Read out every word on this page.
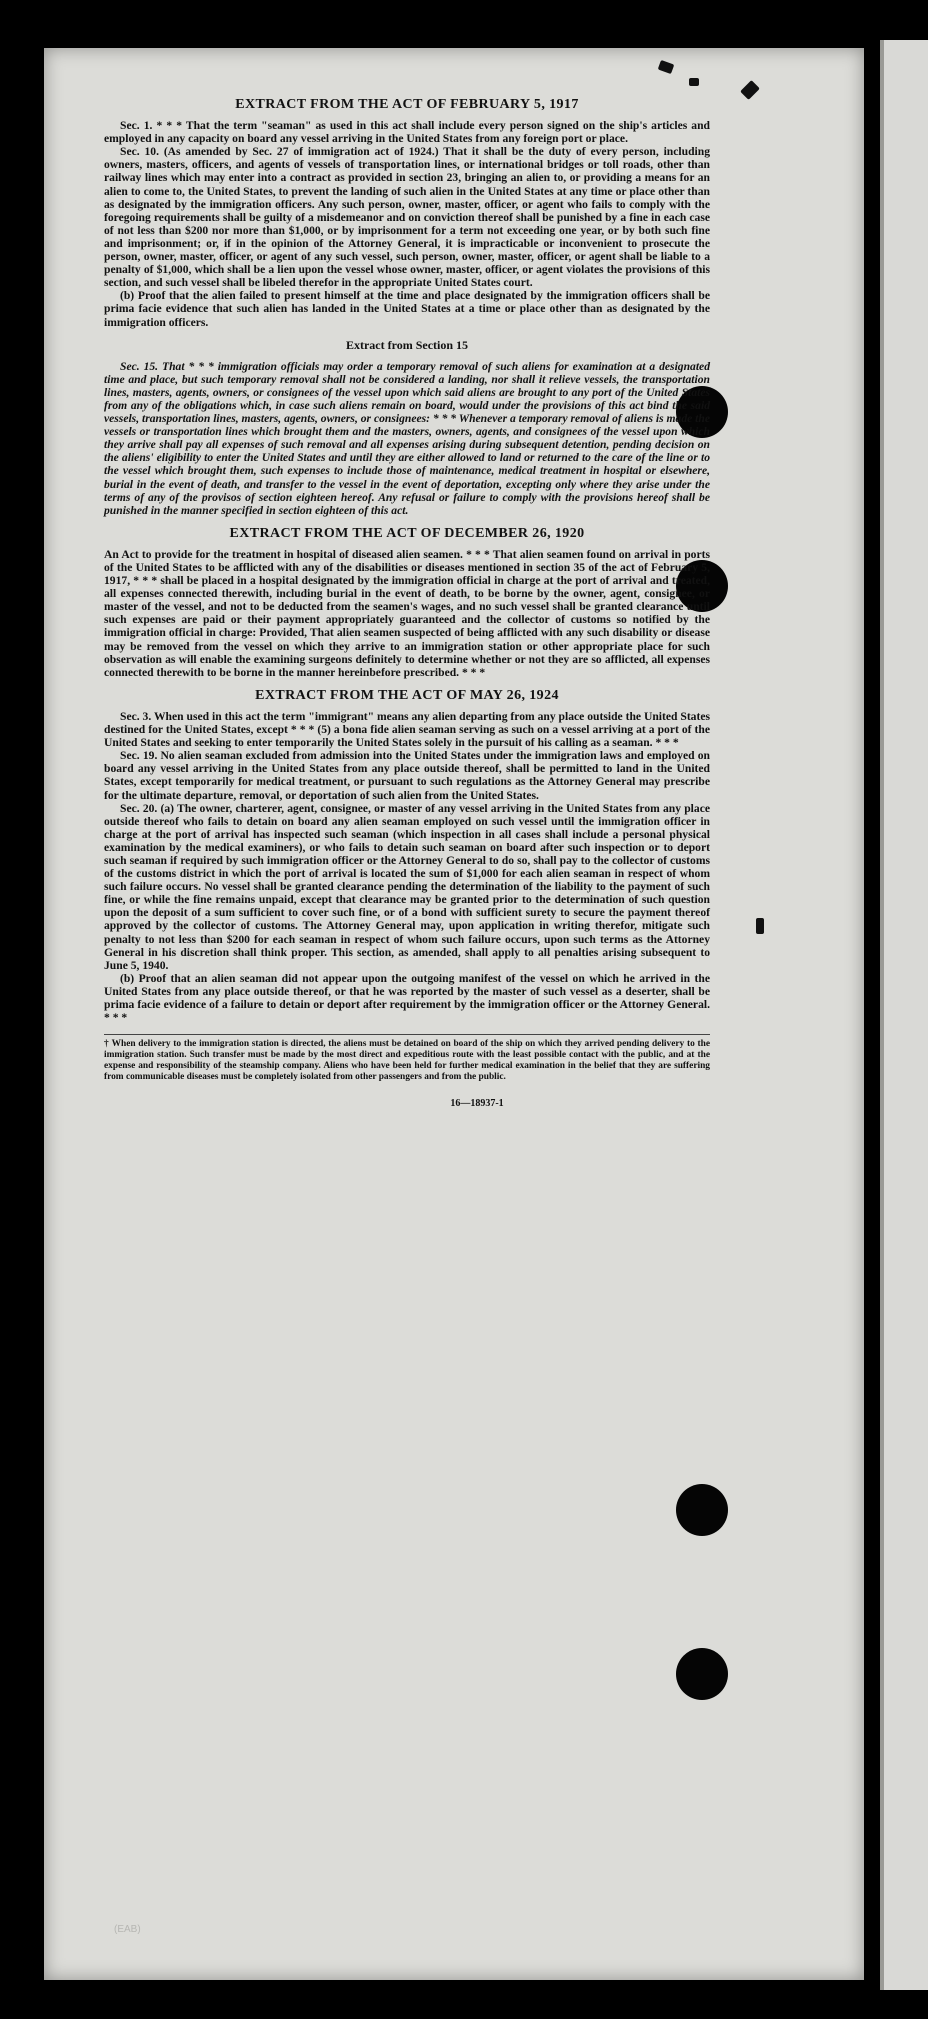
(EAB)
EXTRACT FROM THE ACT OF FEBRUARY 5, 1917

Sec. 1. * * * That the term "seaman" as used in this act shall include every person signed on the ship's articles and employed in any capacity on board any vessel arriving in the United States from any foreign port or place.

Sec. 10. (As amended by Sec. 27 of immigration act of 1924.) That it shall be the duty of every person, including owners, masters, officers, and agents of vessels of transportation lines, or international bridges or toll roads, other than railway lines which may enter into a contract as provided in section 23, bringing an alien to, or providing a means for an alien to come to, the United States, to prevent the landing of such alien in the United States at any time or place other than as designated by the immigration officers. Any such person, owner, master, officer, or agent who fails to comply with the foregoing requirements shall be guilty of a misdemeanor and on conviction thereof shall be punished by a fine in each case of not less than $200 nor more than $1,000, or by imprisonment for a term not exceeding one year, or by both such fine and imprisonment; or, if in the opinion of the Attorney General, it is impracticable or inconvenient to prosecute the person, owner, master, officer, or agent of any such vessel, such person, owner, master, officer, or agent shall be liable to a penalty of $1,000, which shall be a lien upon the vessel whose owner, master, officer, or agent violates the provisions of this section, and such vessel shall be libeled therefor in the appropriate United States court.

(b) Proof that the alien failed to present himself at the time and place designated by the immigration officers shall be prima facie evidence that such alien has landed in the United States at a time or place other than as designated by the immigration officers.

Extract from Section 15

Sec. 15. That * * * immigration officials may order a temporary removal of such aliens for examination at a designated time and place, but such temporary removal shall not be considered a landing, nor shall it relieve vessels, the transportation lines, masters, agents, owners, or consignees of the vessel upon which said aliens are brought to any port of the United States from any of the obligations which, in case such aliens remain on board, would under the provisions of this act bind the said vessels, transportation lines, masters, agents, owners, or consignees: * * * Whenever a temporary removal of aliens is made the vessels or transportation lines which brought them and the masters, owners, agents, and consignees of the vessel upon which they arrive shall pay all expenses of such removal and all expenses arising during subsequent detention, pending decision on the aliens' eligibility to enter the United States and until they are either allowed to land or returned to the care of the line or to the vessel which brought them, such expenses to include those of maintenance, medical treatment in hospital or elsewhere, burial in the event of death, and transfer to the vessel in the event of deportation, excepting only where they arise under the terms of any of the provisos of section eighteen hereof. Any refusal or failure to comply with the provisions hereof shall be punished in the manner specified in section eighteen of this act.

EXTRACT FROM THE ACT OF DECEMBER 26, 1920

An Act to provide for the treatment in hospital of diseased alien seamen. * * * That alien seamen found on arrival in ports of the United States to be afflicted with any of the disabilities or diseases mentioned in section 35 of the act of February 5, 1917, * * * shall be placed in a hospital designated by the immigration official in charge at the port of arrival and treated, all expenses connected therewith, including burial in the event of death, to be borne by the owner, agent, consignee, or master of the vessel, and not to be deducted from the seamen's wages, and no such vessel shall be granted clearance until such expenses are paid or their payment appropriately guaranteed and the collector of customs so notified by the immigration official in charge: Provided, That alien seamen suspected of being afflicted with any such disability or disease may be removed from the vessel on which they arrive to an immigration station or other appropriate place for such observation as will enable the examining surgeons definitely to determine whether or not they are so afflicted, all expenses connected therewith to be borne in the manner hereinbefore prescribed. * * *

EXTRACT FROM THE ACT OF MAY 26, 1924

Sec. 3. When used in this act the term "immigrant" means any alien departing from any place outside the United States destined for the United States, except * * * (5) a bona fide alien seaman serving as such on a vessel arriving at a port of the United States and seeking to enter temporarily the United States solely in the pursuit of his calling as a seaman. * * *

Sec. 19. No alien seaman excluded from admission into the United States under the immigration laws and employed on board any vessel arriving in the United States from any place outside thereof, shall be permitted to land in the United States, except temporarily for medical treatment, or pursuant to such regulations as the Attorney General may prescribe for the ultimate departure, removal, or deportation of such alien from the United States.

Sec. 20. (a) The owner, charterer, agent, consignee, or master of any vessel arriving in the United States from any place outside thereof who fails to detain on board any alien seaman employed on such vessel until the immigration officer in charge at the port of arrival has inspected such seaman (which inspection in all cases shall include a personal physical examination by the medical examiners), or who fails to detain such seaman on board after such inspection or to deport such seaman if required by such immigration officer or the Attorney General to do so, shall pay to the collector of customs of the customs district in which the port of arrival is located the sum of $1,000 for each alien seaman in respect of whom such failure occurs. No vessel shall be granted clearance pending the determination of the liability to the payment of such fine, or while the fine remains unpaid, except that clearance may be granted prior to the determination of such question upon the deposit of a sum sufficient to cover such fine, or of a bond with sufficient surety to secure the payment thereof approved by the collector of customs. The Attorney General may, upon application in writing therefor, mitigate such penalty to not less than $200 for each seaman in respect of whom such failure occurs, upon such terms as the Attorney General in his discretion shall think proper. This section, as amended, shall apply to all penalties arising subsequent to June 5, 1940.

(b) Proof that an alien seaman did not appear upon the outgoing manifest of the vessel on which he arrived in the United States from any place outside thereof, or that he was reported by the master of such vessel as a deserter, shall be prima facie evidence of a failure to detain or deport after requirement by the immigration officer or the Attorney General. * * *

† When delivery to the immigration station is directed, the aliens must be detained on board of the ship on which they arrived pending delivery to the immigration station. Such transfer must be made by the most direct and expeditious route with the least possible contact with the public, and at the expense and responsibility of the steamship company. Aliens who have been held for further medical examination in the belief that they are suffering from communicable diseases must be completely isolated from other passengers and from the public.
16—18937-1
